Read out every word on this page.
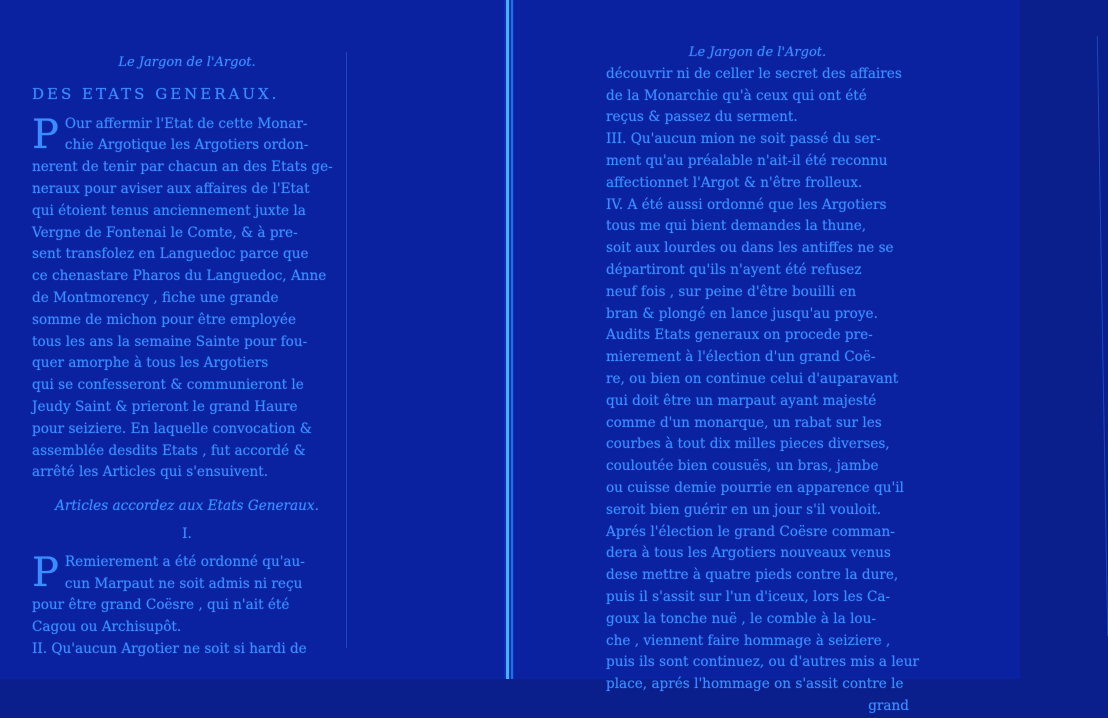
Le Jargon de l'Argot.
DES ETATS GENERAUX.
P Our affermir l'Etat de cette Monar-
chie Argotique les Argotiers ordon-
nerent de tenir par chacun an des Etats ge-
neraux pour aviser aux affaires de l'Etat
qui étoient tenus anciennement juxte la
Vergne de Fontenai le Comte, & à pre-
sent transfolez en Languedoc parce que
ce chenastare Pharos du Languedoc, Anne
de Montmorency , fiche une grande
somme de michon pour être employée
tous les ans la semaine Sainte pour fou-
quer amorphe à tous les Argotiers
qui se confesseront & communieront le
Jeudy Saint & prieront le grand Haure
pour seiziere. En laquelle convocation &
assemblée desdits Etats , fut accordé &
arrêté les Articles qui s'ensuivent.
Articles accordez aux Etats Generaux.
I.
P Remierement a été ordonné qu'au-
cun Marpaut ne soit admis ni reçu
pour être grand Coësre , qui n'ait été
Cagou ou Archisupôt.
II. Qu'aucun Argotier ne soit si hardi de
Le Jargon de l'Argot.
découvrir ni de celler le secret des affaires
de la Monarchie qu'à ceux qui ont été
reçus & passez du serment.
III. Qu'aucun mion ne soit passé du ser-
ment qu'au préalable n'ait-il été reconnu
affectionnet l'Argot & n'être frolleux.
IV. A été aussi ordonné que les Argotiers
tous me qui bient demandes la thune,
soit aux lourdes ou dans les antiffes ne se
départiront qu'ils n'ayent été refusez
neuf fois , sur peine d'être bouilli en
bran & plongé en lance jusqu'au proye.
Audits Etats generaux on procede pre-
mierement à l'élection d'un grand Coë-
re, ou bien on continue celui d'auparavant
qui doit être un marpaut ayant majesté
comme d'un monarque, un rabat sur les
courbes à tout dix milles pieces diverses,
couloutée bien cousuës, un bras, jambe
ou cuisse demie pourrie en apparence qu'il
seroit bien guérir en un jour s'il vouloit.
Aprés l'élection le grand Coësre comman-
dera à tous les Argotiers nouveaux venus
dese mettre à quatre pieds contre la dure,
puis il s'assit sur l'un d'iceux, lors les Ca-
goux la tonche nuë , le comble à la lou-
che , viennent faire hommage à seiziere ,
puis ils sont continuez, ou d'autres mis a leur
place, aprés l'hommage on s'assit contre le
grand
